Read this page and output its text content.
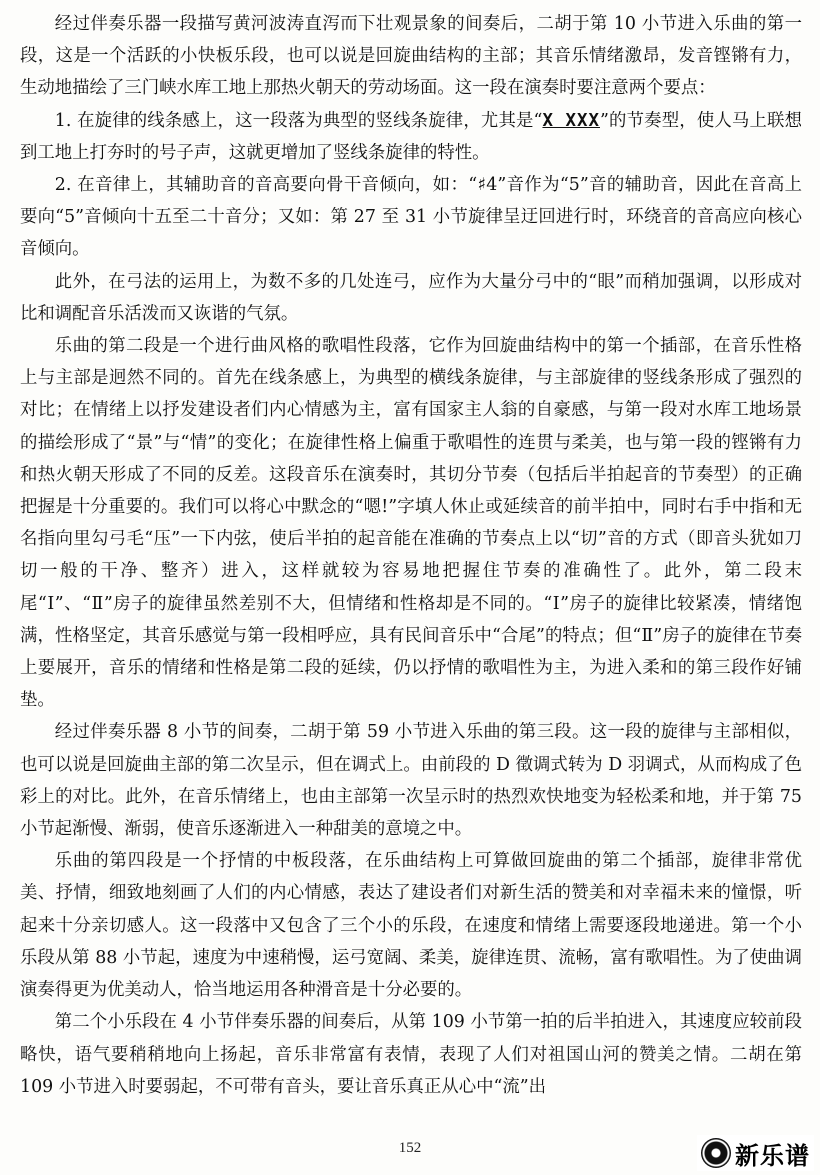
经过伴奏乐器一段描写黄河波涛直泻而下壮观景象的间奏后，二胡于第 10 小节进入乐曲的第一段，这是一个活跃的小快板乐段，也可以说是回旋曲结构的主部；其音乐情绪激昂，发音铿锵有力，生动地描绘了三门峡水库工地上那热火朝天的劳动场面。这一段在演奏时要注意两个要点：

1. 在旋律的线条感上，这一段落为典型的竖线条旋律，尤其是“X XXX”的节奏型，使人马上联想到工地上打夯时的号子声，这就更增加了竖线条旋律的特性。

2. 在音律上，其辅助音的音高要向骨干音倾向，如：“♯4”音作为“5”音的辅助音，因此在音高上要向“5”音倾向十五至二十音分；又如：第 27 至 31 小节旋律呈迂回进行时，环绕音的音高应向核心音倾向。

此外，在弓法的运用上，为数不多的几处连弓，应作为大量分弓中的“眼”而稍加强调，以形成对比和调配音乐活泼而又诙谐的气氛。

乐曲的第二段是一个进行曲风格的歌唱性段落，它作为回旋曲结构中的第一个插部，在音乐性格上与主部是迥然不同的。首先在线条感上，为典型的横线条旋律，与主部旋律的竖线条形成了强烈的对比；在情绪上以抒发建设者们内心情感为主，富有国家主人翁的自豪感，与第一段对水库工地场景的描绘形成了“景”与“情”的变化；在旋律性格上偏重于歌唱性的连贯与柔美，也与第一段的铿锵有力和热火朝天形成了不同的反差。这段音乐在演奏时，其切分节奏（包括后半拍起音的节奏型）的正确把握是十分重要的。我们可以将心中默念的“嗯!”字填人休止或延续音的前半拍中，同时右手中指和无名指向里勾弓毛“压”一下内弦，使后半拍的起音能在准确的节奏点上以“切”音的方式（即音头犹如刀切一般的干净、整齐）进入，这样就较为容易地把握住节奏的准确性了。此外，第二段末尾“Ⅰ”、“Ⅱ”房子的旋律虽然差别不大，但情绪和性格却是不同的。“Ⅰ”房子的旋律比较紧凑，情绪饱满，性格坚定，其音乐感觉与第一段相呼应，具有民间音乐中“合尾”的特点；但“Ⅱ”房子的旋律在节奏上要展开，音乐的情绪和性格是第二段的延续，仍以抒情的歌唱性为主，为进入柔和的第三段作好铺垫。

经过伴奏乐器 8 小节的间奏，二胡于第 59 小节进入乐曲的第三段。这一段的旋律与主部相似，也可以说是回旋曲主部的第二次呈示，但在调式上。由前段的 D 徵调式转为 D 羽调式，从而构成了色彩上的对比。此外，在音乐情绪上，也由主部第一次呈示时的热烈欢快地变为轻松柔和地，并于第 75 小节起渐慢、渐弱，使音乐逐渐进入一种甜美的意境之中。

乐曲的第四段是一个抒情的中板段落，在乐曲结构上可算做回旋曲的第二个插部，旋律非常优美、抒情，细致地刻画了人们的内心情感，表达了建设者们对新生活的赞美和对幸福未来的憧憬，听起来十分亲切感人。这一段落中又包含了三个小的乐段，在速度和情绪上需要逐段地递进。第一个小乐段从第 88 小节起，速度为中速稍慢，运弓宽阔、柔美，旋律连贯、流畅，富有歌唱性。为了使曲调演奏得更为优美动人，恰当地运用各种滑音是十分必要的。

第二个小乐段在 4 小节伴奏乐器的间奏后，从第 109 小节第一拍的后半拍进入，其速度应较前段略快，语气要稍稍地向上扬起，音乐非常富有表情，表现了人们对祖国山河的赞美之情。二胡在第 109 小节进入时要弱起，不可带有音头，要让音乐真正从心中“流”出

152	新乐谱
